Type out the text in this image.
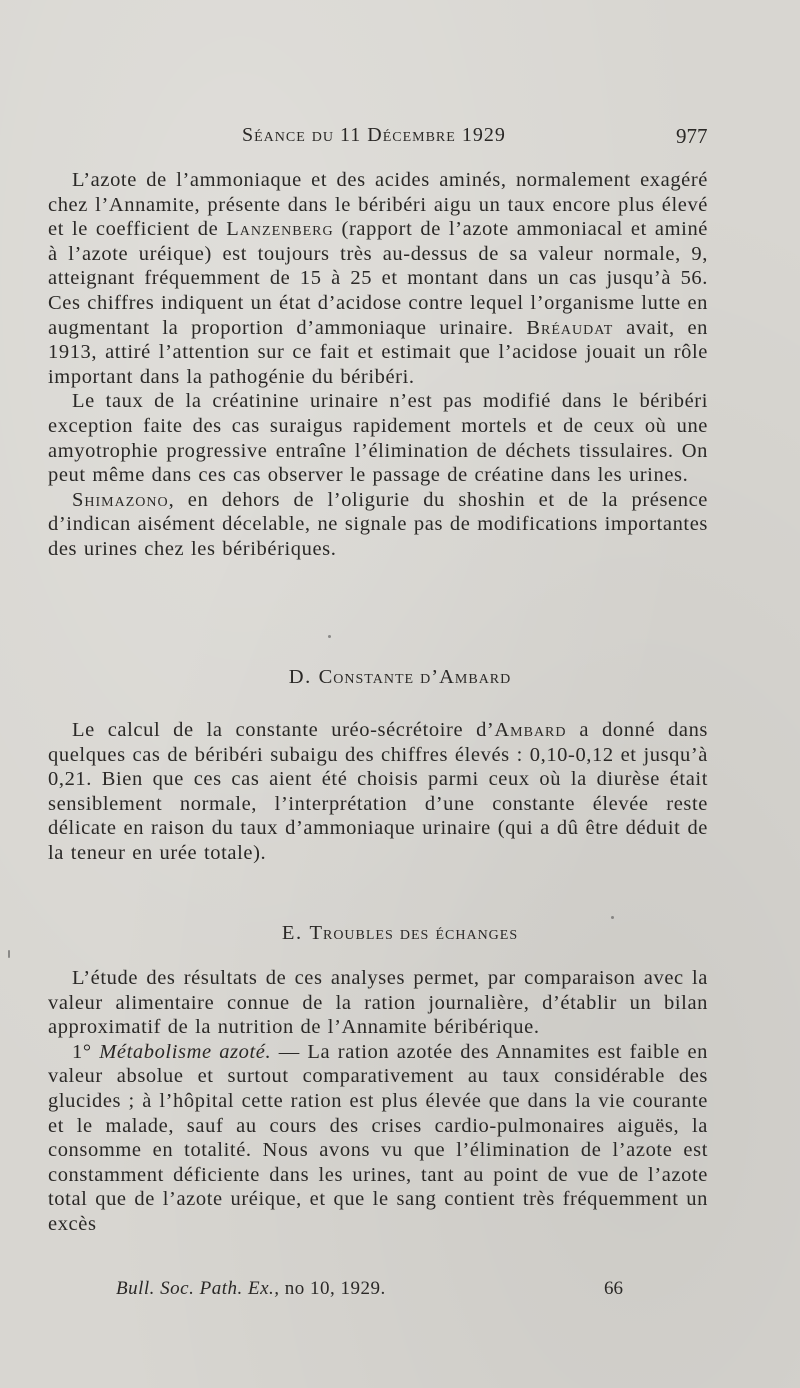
Séance du 11 Décembre 1929	977

L’azote de l’ammoniaque et des acides aminés, normalement exagéré chez l’Annamite, présente dans le béribéri aigu un taux encore plus élevé et le coefficient de Lanzenberg (rapport de l’azote ammoniacal et aminé à l’azote uréique) est toujours très au-dessus de sa valeur normale, 9, atteignant fréquemment de 15 à 25 et montant dans un cas jusqu’à 56. Ces chiffres indiquent un état d’acidose contre lequel l’organisme lutte en augmentant la proportion d’ammoniaque urinaire. Bréaudat avait, en 1913, attiré l’attention sur ce fait et estimait que l’acidose jouait un rôle important dans la pathogénie du béribéri.

Le taux de la créatinine urinaire n’est pas modifié dans le béribéri exception faite des cas suraigus rapidement mortels et de ceux où une amyotrophie progressive entraîne l’élimination de déchets tissulaires. On peut même dans ces cas observer le passage de créatine dans les urines.

Shimazono, en dehors de l’oligurie du shoshin et de la présence d’indican aisément décelable, ne signale pas de modifications importantes des urines chez les béribériques.

D. Constante d’Ambard

Le calcul de la constante uréo-sécrétoire d’Ambard a donné dans quelques cas de béribéri subaigu des chiffres élevés : 0,10-0,12 et jusqu’à 0,21. Bien que ces cas aient été choisis parmi ceux où la diurèse était sensiblement normale, l’interprétation d’une constante élevée reste délicate en raison du taux d’ammoniaque urinaire (qui a dû être déduit de la teneur en urée totale).

E. Troubles des échanges

L’étude des résultats de ces analyses permet, par comparaison avec la valeur alimentaire connue de la ration journalière, d’établir un bilan approximatif de la nutrition de l’Annamite béribérique.

1° Métabolisme azoté. — La ration azotée des Annamites est faible en valeur absolue et surtout comparativement au taux considérable des glucides ; à l’hôpital cette ration est plus élevée que dans la vie courante et le malade, sauf au cours des crises cardio-pulmonaires aiguës, la consomme en totalité. Nous avons vu que l’élimination de l’azote est constamment déficiente dans les urines, tant au point de vue de l’azote total que de l’azote uréique, et que le sang contient très fréquemment un excès

Bull. Soc. Path. Ex., no 10, 1929.	66
